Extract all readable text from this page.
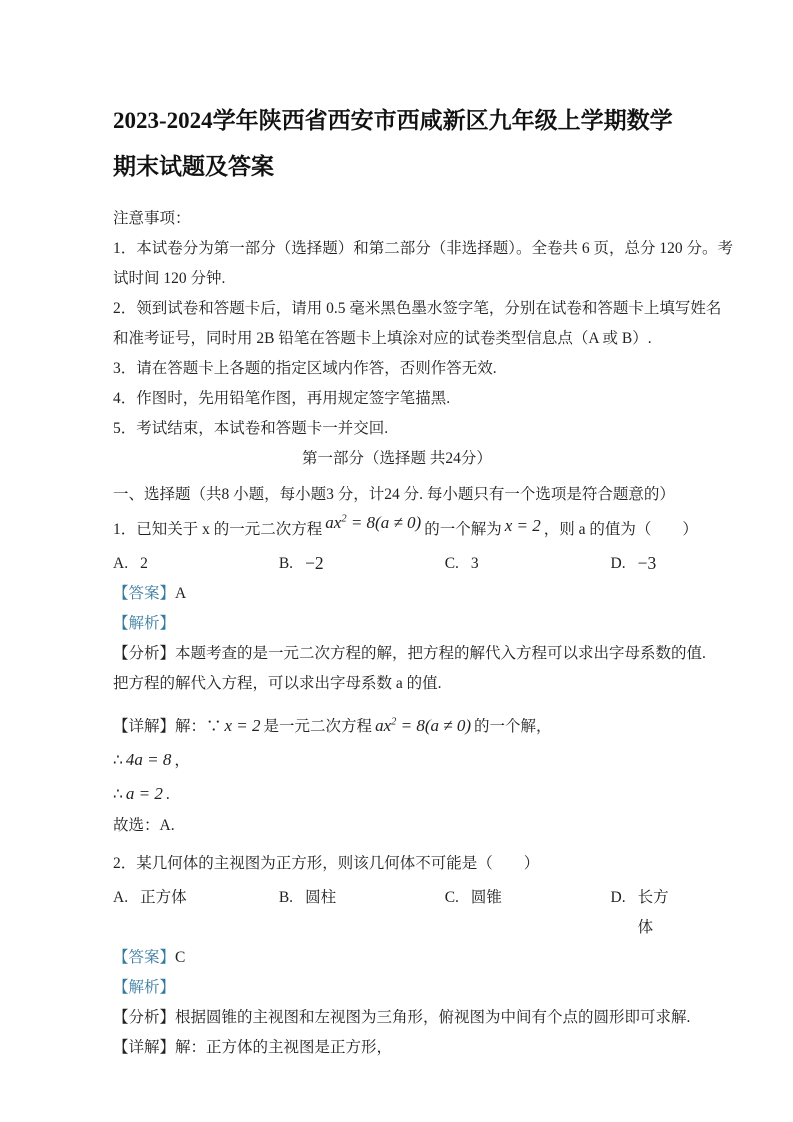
2023-2024学年陕西省西安市西咸新区九年级上学期数学期末试题及答案
注意事项：
1．本试卷分为第一部分（选择题）和第二部分（非选择题）。全卷共 6 页，总分 120 分。考
试时间 120 分钟.
2．领到试卷和答题卡后，请用 0.5 毫米黑色墨水签字笔，分别在试卷和答题卡上填写姓名
和准考证号，同时用 2B 铅笔在答题卡上填涂对应的试卷类型信息点（A 或 B）.
3．请在答题卡上各题的指定区域内作答，否则作答无效.
4．作图时，先用铅笔作图，再用规定签字笔描黑.
5．考试结束，本试卷和答题卡一并交回.
第一部分（选择题 共24分）
一、选择题（共8 小题，每小题3 分，计24 分. 每小题只有一个选项是符合题意的）
1．已知关于 x 的一元二次方程 $ax^2 = 8(a \ne 0)$ 的一个解为 x = 2 ，则 a 的值为（　　）
A. 2	B. −2	C. 3	D. −3
【答案】A
【解析】
【分析】本题考查的是一元二次方程的解，把方程的解代入方程可以求出字母系数的值.
把方程的解代入方程，可以求出字母系数 a 的值.
【详解】解：∵ x = 2 是一元二次方程 $ax^2 = 8(a \ne 0)$ 的一个解，
∴ 4a = 8 ，
∴ a = 2 .
故选：A.
2．某几何体的主视图为正方形，则该几何体不可能是（　　）
A. 正方体	B. 圆柱	C. 圆锥	D. 长方体
【答案】C
【解析】
【分析】根据圆锥的主视图和左视图为三角形，俯视图为中间有个点的圆形即可求解.
【详解】解：正方体的主视图是正方形，
